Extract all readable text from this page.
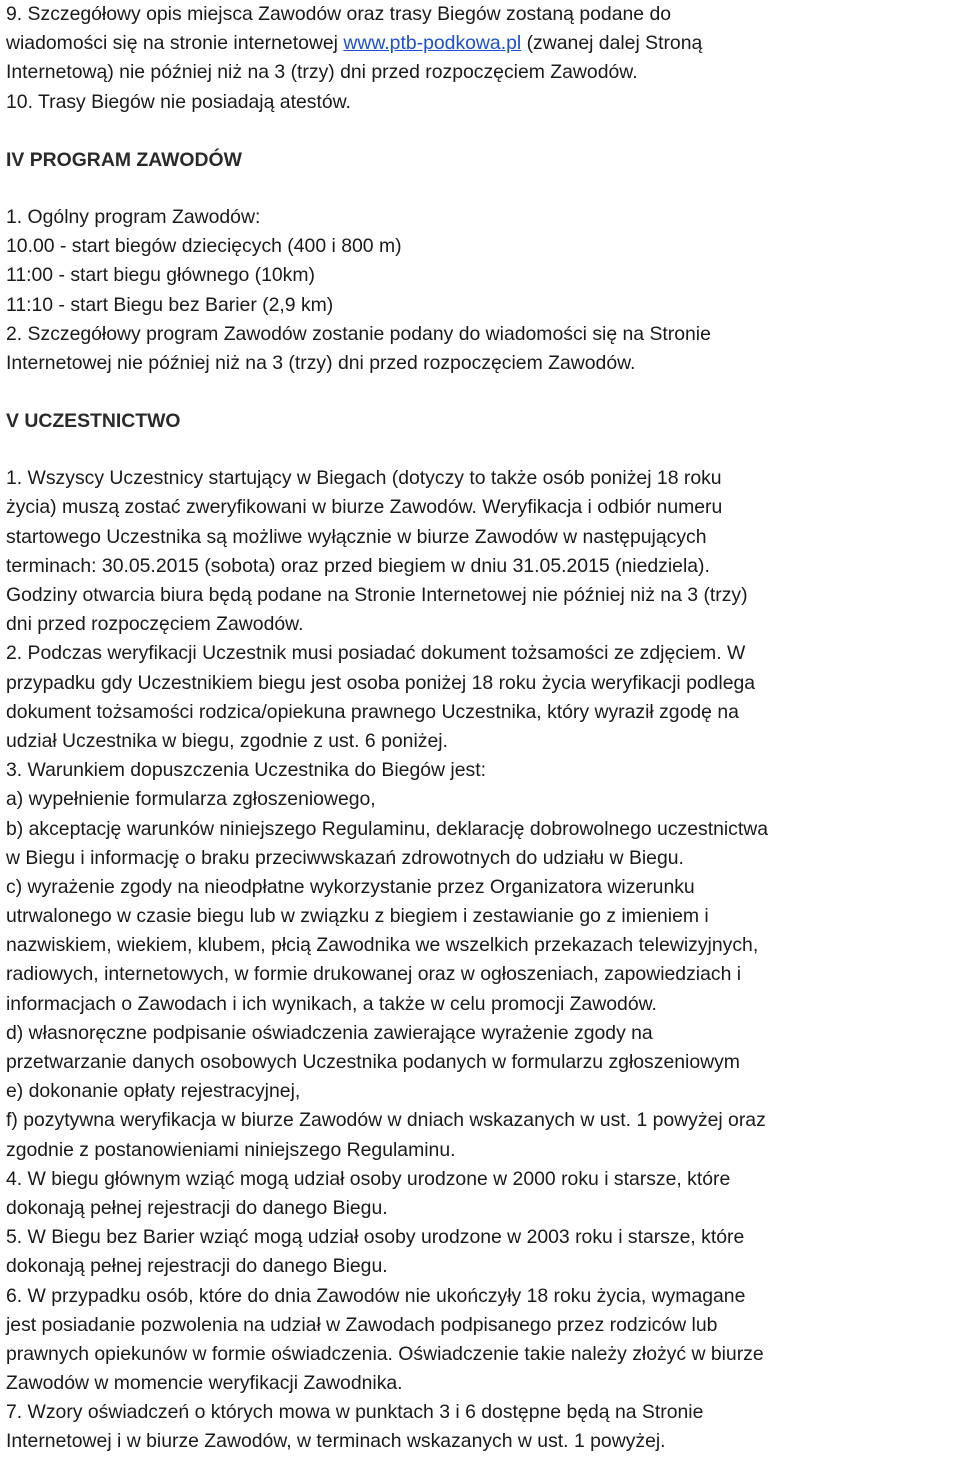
9. Szczegółowy opis miejsca Zawodów oraz trasy Biegów zostaną podane do
wiadomości się na stronie internetowej www.ptb-podkowa.pl (zwanej dalej Stroną
Internetową) nie później niż na 3 (trzy) dni przed rozpoczęciem Zawodów.
10. Trasy Biegów nie posiadają atestów.
IV PROGRAM ZAWODÓW
1. Ogólny program Zawodów:
10.00 - start biegów dziecięcych (400 i 800 m)
11:00 - start biegu głównego (10km)
11:10 - start Biegu bez Barier (2,9 km)
2. Szczegółowy program Zawodów zostanie podany do wiadomości się na Stronie
Internetowej nie później niż na 3 (trzy) dni przed rozpoczęciem Zawodów.
V UCZESTNICTWO
1. Wszyscy Uczestnicy startujący w Biegach (dotyczy to także osób poniżej 18 roku
życia) muszą zostać zweryfikowani w biurze Zawodów. Weryfikacja i odbiór numeru
startowego Uczestnika są możliwe wyłącznie w biurze Zawodów w następujących
terminach: 30.05.2015 (sobota) oraz przed biegiem w dniu 31.05.2015 (niedziela).
Godziny otwarcia biura będą podane na Stronie Internetowej nie później niż na 3 (trzy)
dni przed rozpoczęciem Zawodów.
2. Podczas weryfikacji Uczestnik musi posiadać dokument tożsamości ze zdjęciem. W
przypadku gdy Uczestnikiem biegu jest osoba poniżej 18 roku życia weryfikacji podlega
dokument tożsamości rodzica/opiekuna prawnego Uczestnika, który wyraził zgodę na
udział Uczestnika w biegu, zgodnie z ust. 6 poniżej.
3. Warunkiem dopuszczenia Uczestnika do Biegów jest:
a) wypełnienie formularza zgłoszeniowego,
b) akceptację warunków niniejszego Regulaminu, deklarację dobrowolnego uczestnictwa
w Biegu i informację o braku przeciwwskazań zdrowotnych do udziału w Biegu.
c) wyrażenie zgody na nieodpłatne wykorzystanie przez Organizatora wizerunku
utrwalonego w czasie biegu lub w związku z biegiem i zestawianie go z imieniem i
nazwiskiem, wiekiem, klubem, płcią Zawodnika we wszelkich przekazach telewizyjnych,
radiowych, internetowych, w formie drukowanej oraz w ogłoszeniach, zapowiedziach i
informacjach o Zawodach i ich wynikach, a także w celu promocji Zawodów.
d) własnoręczne podpisanie oświadczenia zawierające wyrażenie zgody na
przetwarzanie danych osobowych Uczestnika podanych w formularzu zgłoszeniowym
e) dokonanie opłaty rejestracyjnej,
f) pozytywna weryfikacja w biurze Zawodów w dniach wskazanych w ust. 1 powyżej oraz
zgodnie z postanowieniami niniejszego Regulaminu.
4. W biegu głównym wziąć mogą udział osoby urodzone w 2000 roku i starsze, które
dokonają pełnej rejestracji do danego Biegu.
5. W Biegu bez Barier wziąć mogą udział osoby urodzone w 2003 roku i starsze, które
dokonają pełnej rejestracji do danego Biegu.
6. W przypadku osób, które do dnia Zawodów nie ukończyły 18 roku życia, wymagane
jest posiadanie pozwolenia na udział w Zawodach podpisanego przez rodziców lub
prawnych opiekunów w formie oświadczenia. Oświadczenie takie należy złożyć w biurze
Zawodów w momencie weryfikacji Zawodnika.
7. Wzory oświadczeń o których mowa w punktach 3 i 6 dostępne będą na Stronie
Internetowej i w biurze Zawodów, w terminach wskazanych w ust. 1 powyżej.
